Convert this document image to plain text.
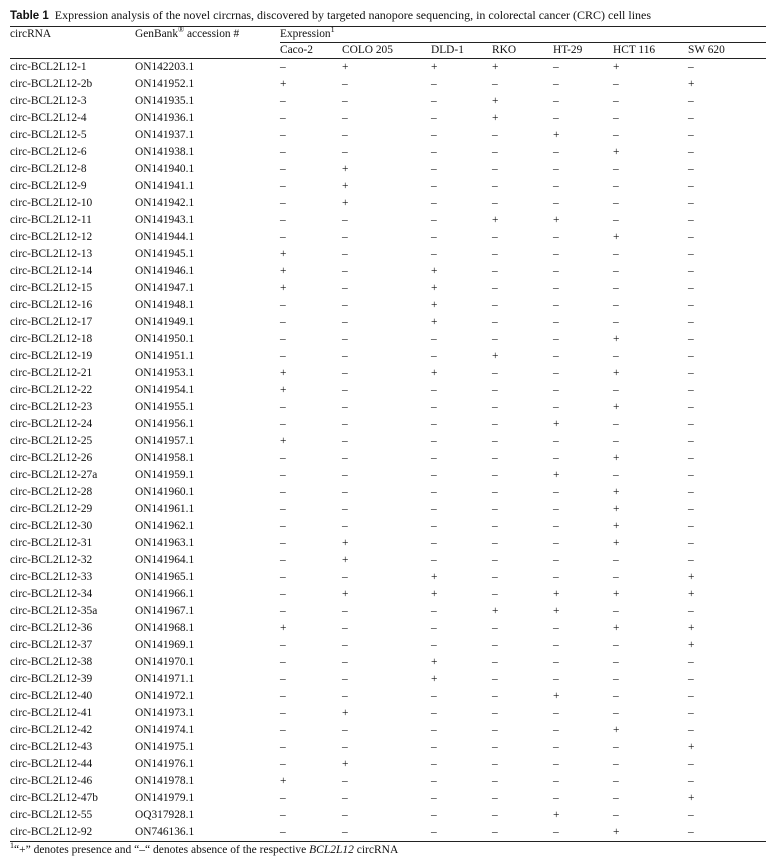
Table 1 Expression analysis of the novel circrnas, discovered by targeted nanopore sequencing, in colorectal cancer (CRC) cell lines
circRNA	GenBank® accession #	Expression$^1$
		Caco-2	COLO 205	DLD-1	RKO	HT-29	HCT 116	SW 620
circ-BCL2L12-1	ON142203.1	–	+	+	+	–	+	–
circ-BCL2L12-2b	ON141952.1	+	–	–	–	–	–	+
circ-BCL2L12-3	ON141935.1	–	–	–	+	–	–	–
circ-BCL2L12-4	ON141936.1	–	–	–	+	–	–	–
circ-BCL2L12-5	ON141937.1	–	–	–	–	+	–	–
circ-BCL2L12-6	ON141938.1	–	–	–	–	–	+	–
circ-BCL2L12-8	ON141940.1	–	+	–	–	–	–	–
circ-BCL2L12-9	ON141941.1	–	+	–	–	–	–	–
circ-BCL2L12-10	ON141942.1	–	+	–	–	–	–	–
circ-BCL2L12-11	ON141943.1	–	–	–	+	+	–	–
circ-BCL2L12-12	ON141944.1	–	–	–	–	–	+	–
circ-BCL2L12-13	ON141945.1	+	–	–	–	–	–	–
circ-BCL2L12-14	ON141946.1	+	–	+	–	–	–	–
circ-BCL2L12-15	ON141947.1	+	–	+	–	–	–	–
circ-BCL2L12-16	ON141948.1	–	–	+	–	–	–	–
circ-BCL2L12-17	ON141949.1	–	–	+	–	–	–	–
circ-BCL2L12-18	ON141950.1	–	–	–	–	–	+	–
circ-BCL2L12-19	ON141951.1	–	–	–	+	–	–	–
circ-BCL2L12-21	ON141953.1	+	–	+	–	–	+	–
circ-BCL2L12-22	ON141954.1	+	–	–	–	–	–	–
circ-BCL2L12-23	ON141955.1	–	–	–	–	–	+	–
circ-BCL2L12-24	ON141956.1	–	–	–	–	+	–	–
circ-BCL2L12-25	ON141957.1	+	–	–	–	–	–	–
circ-BCL2L12-26	ON141958.1	–	–	–	–	–	+	–
circ-BCL2L12-27a	ON141959.1	–	–	–	–	+	–	–
circ-BCL2L12-28	ON141960.1	–	–	–	–	–	+	–
circ-BCL2L12-29	ON141961.1	–	–	–	–	–	+	–
circ-BCL2L12-30	ON141962.1	–	–	–	–	–	+	–
circ-BCL2L12-31	ON141963.1	–	+	–	–	–	+	–
circ-BCL2L12-32	ON141964.1	–	+	–	–	–	–	–
circ-BCL2L12-33	ON141965.1	–	–	+	–	–	–	+
circ-BCL2L12-34	ON141966.1	–	+	+	–	+	+	+
circ-BCL2L12-35a	ON141967.1	–	–	–	+	+	–	–
circ-BCL2L12-36	ON141968.1	+	–	–	–	–	+	+
circ-BCL2L12-37	ON141969.1	–	–	–	–	–	–	+
circ-BCL2L12-38	ON141970.1	–	–	+	–	–	–	–
circ-BCL2L12-39	ON141971.1	–	–	+	–	–	–	–
circ-BCL2L12-40	ON141972.1	–	–	–	–	+	–	–
circ-BCL2L12-41	ON141973.1	–	+	–	–	–	–	–
circ-BCL2L12-42	ON141974.1	–	–	–	–	–	+	–
circ-BCL2L12-43	ON141975.1	–	–	–	–	–	–	+
circ-BCL2L12-44	ON141976.1	–	+	–	–	–	–	–
circ-BCL2L12-46	ON141978.1	+	–	–	–	–	–	–
circ-BCL2L12-47b	ON141979.1	–	–	–	–	–	–	+
circ-BCL2L12-55	OQ317928.1	–	–	–	–	+	–	–
circ-BCL2L12-92	ON746136.1	–	–	–	–	–	+	–
$^1$“+” denotes presence and “–“ denotes absence of the respective BCL2L12 circRNA
